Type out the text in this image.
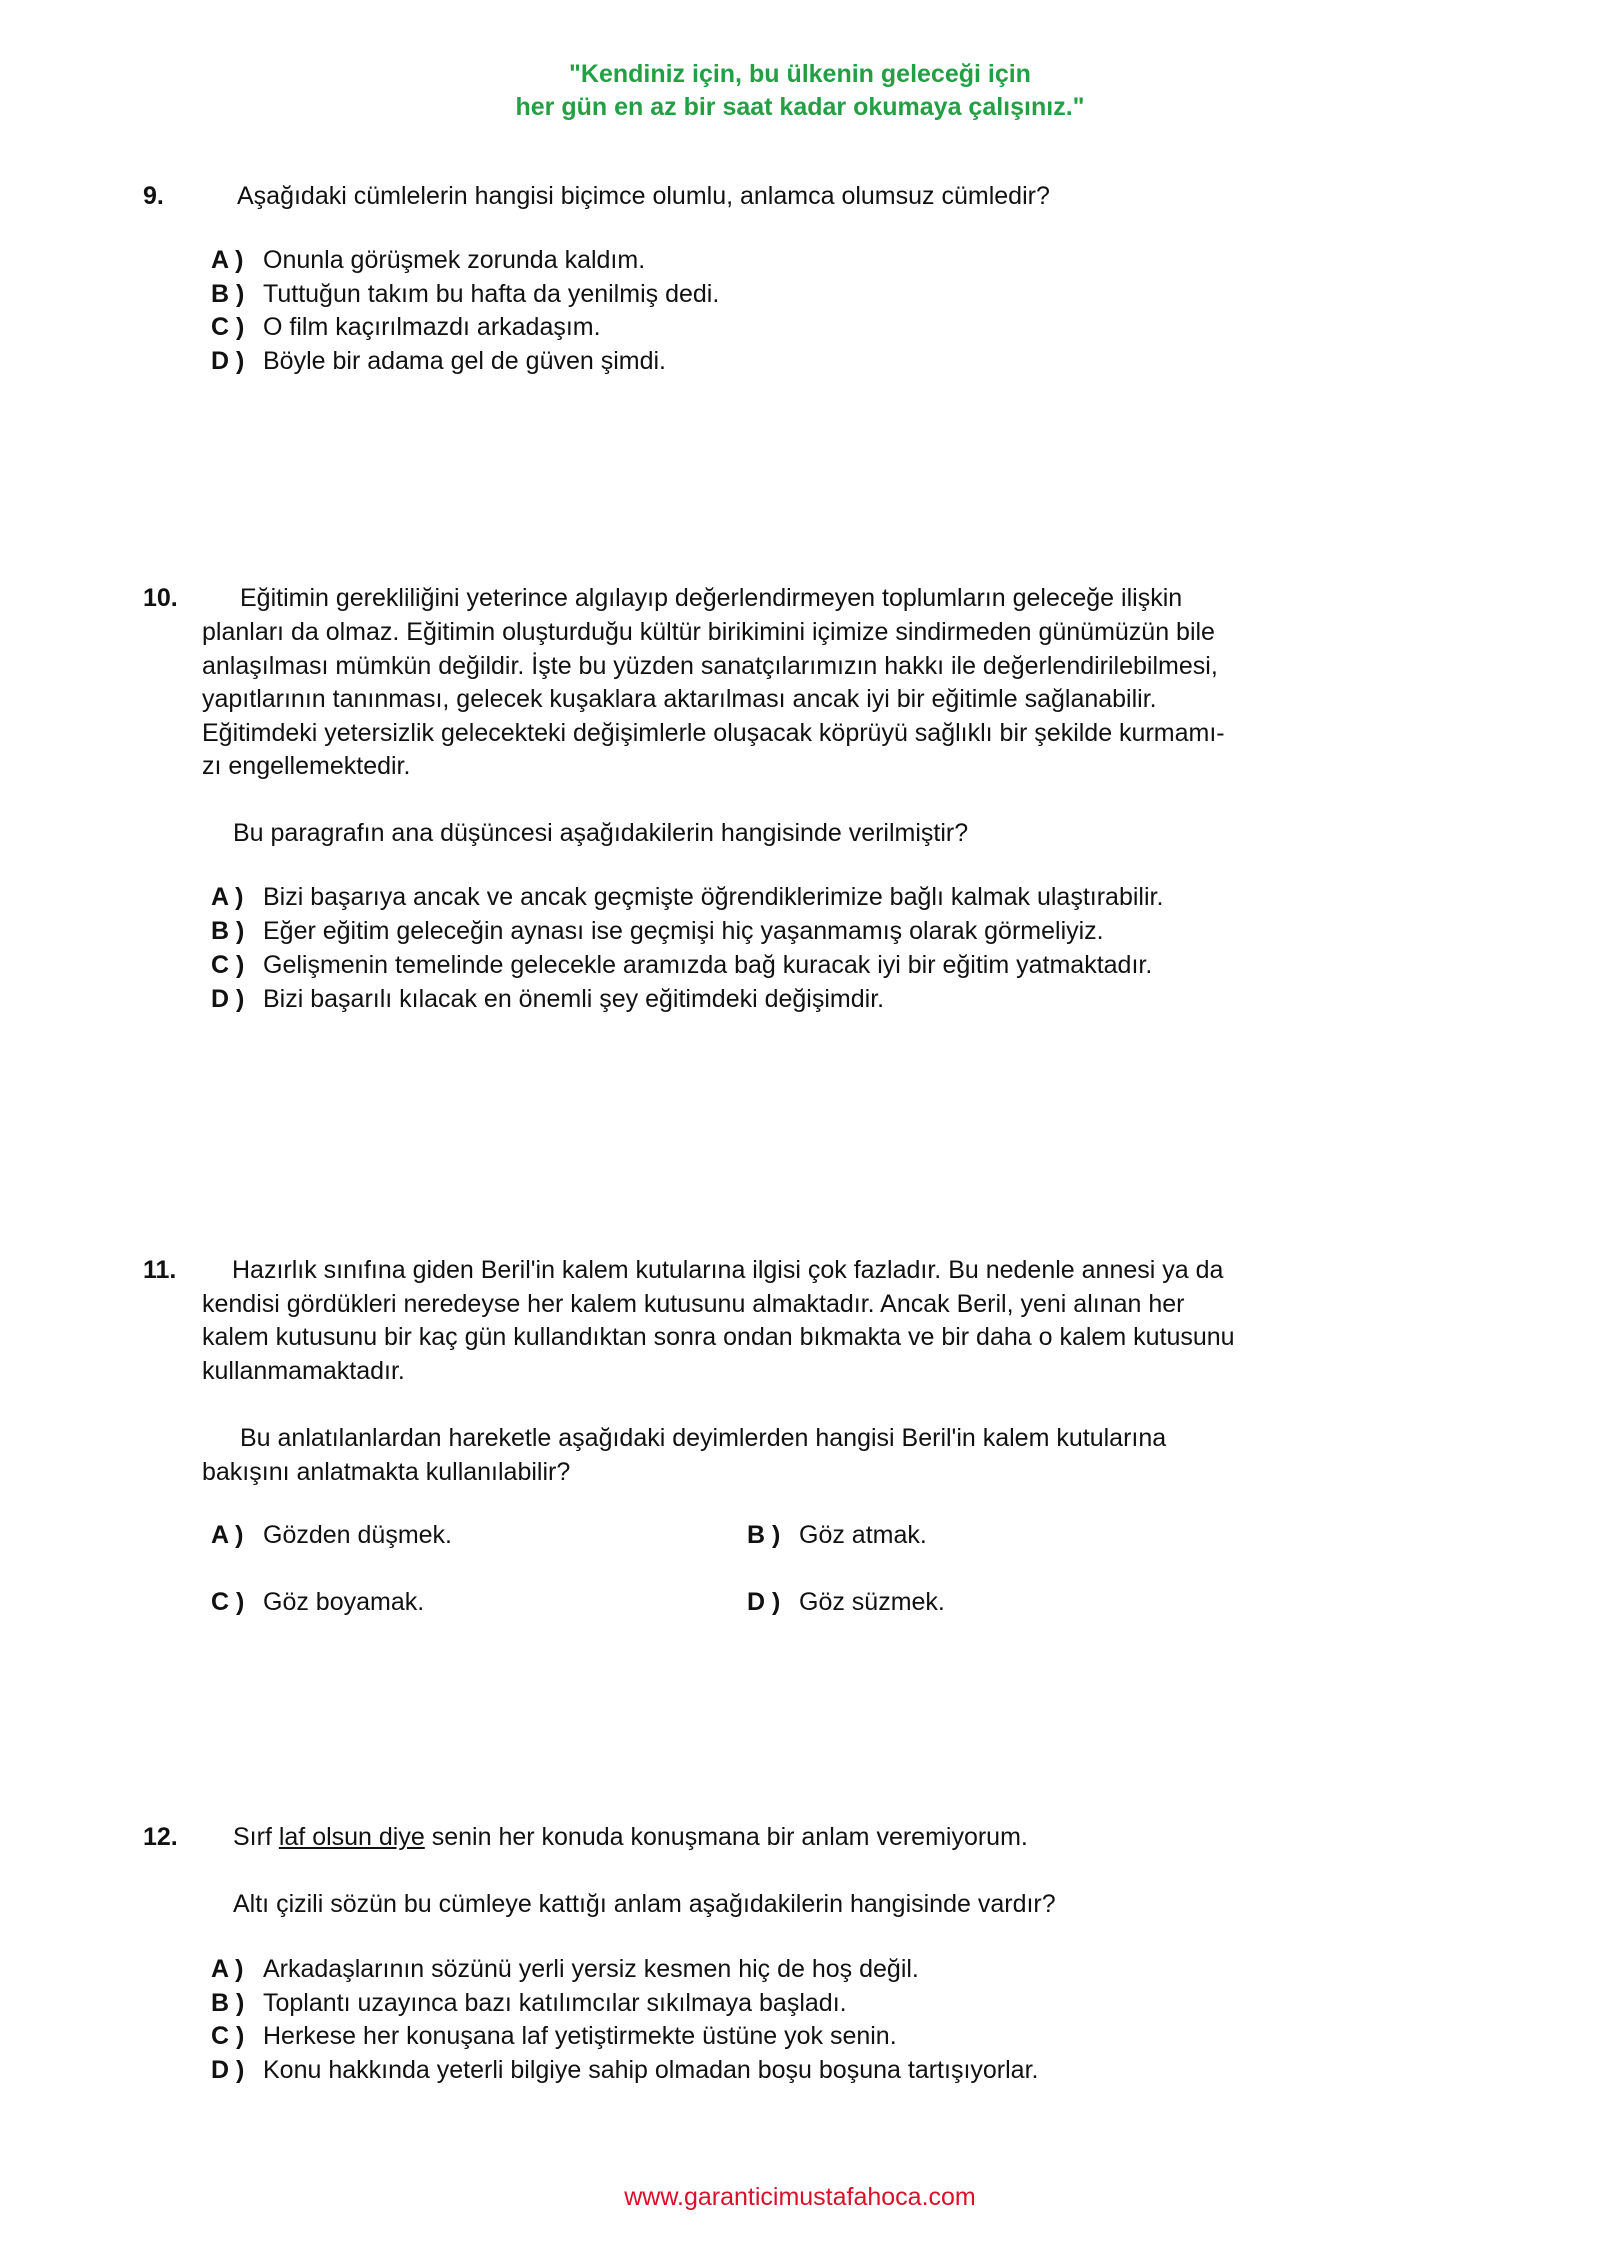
"Kendiniz için, bu ülkenin geleceği için
her gün en az bir saat kadar okumaya çalışınız."
9.	Aşağıdaki cümlelerin hangisi biçimce olumlu, anlamca olumsuz cümledir?
A ) Onunla görüşmek zorunda kaldım.
B ) Tuttuğun takım bu hafta da yenilmiş dedi.
C ) O film kaçırılmazdı arkadaşım.
D ) Böyle bir adama gel de güven şimdi.
10. Eğitimin gerekliliğini yeterince algılayıp değerlendirmeyen toplumların geleceğe ilişkin
planları da olmaz. Eğitimin oluşturduğu kültür birikimini içimize sindirmeden günümüzün bile
anlaşılması mümkün değildir. İşte bu yüzden sanatçılarımızın hakkı ile değerlendirilebilmesi,
yapıtlarının tanınması, gelecek kuşaklara aktarılması ancak iyi bir eğitimle sağlanabilir.
Eğitimdeki yetersizlik gelecekteki değişimlerle oluşacak köprüyü sağlıklı bir şekilde kurmamı-
zı engellemektedir.
Bu paragrafın ana düşüncesi aşağıdakilerin hangisinde verilmiştir?
A ) Bizi başarıya ancak ve ancak geçmişte öğrendiklerimize bağlı kalmak ulaştırabilir.
B ) Eğer eğitim geleceğin aynası ise geçmişi hiç yaşanmamış olarak görmeliyiz.
C ) Gelişmenin temelinde gelecekle aramızda bağ kuracak iyi bir eğitim yatmaktadır.
D ) Bizi başarılı kılacak en önemli şey eğitimdeki değişimdir.
11. Hazırlık sınıfına giden Beril'in kalem kutularına ilgisi çok fazladır. Bu nedenle annesi ya da
kendisi gördükleri neredeyse her kalem kutusunu almaktadır. Ancak Beril, yeni alınan her
kalem kutusunu bir kaç gün kullandıktan sonra ondan bıkmakta ve bir daha o kalem kutusunu
kullanmamaktadır.
Bu anlatılanlardan hareketle aşağıdaki deyimlerden hangisi Beril'in kalem kutularına
bakışını anlatmakta kullanılabilir?
A ) Gözden düşmek.	B ) Göz atmak.
C ) Göz boyamak.	D ) Göz süzmek.
12. Sırf laf olsun diye senin her konuda konuşmana bir anlam veremiyorum.
Altı çizili sözün bu cümleye kattığı anlam aşağıdakilerin hangisinde vardır?
A ) Arkadaşlarının sözünü yerli yersiz kesmen hiç de hoş değil.
B ) Toplantı uzayınca bazı katılımcılar sıkılmaya başladı.
C ) Herkese her konuşana laf yetiştirmekte üstüne yok senin.
D ) Konu hakkında yeterli bilgiye sahip olmadan boşu boşuna tartışıyorlar.
www.garanticimustafahoca.com
